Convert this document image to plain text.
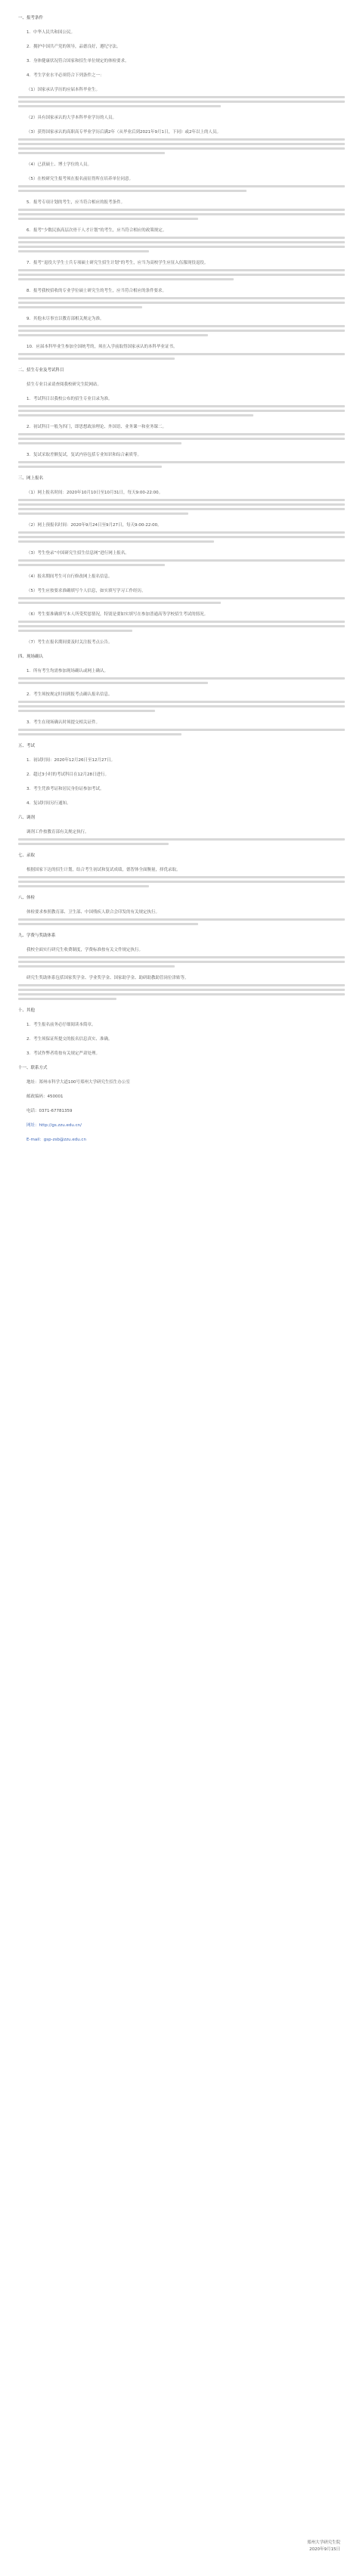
一、报考条件
1．中华人民共和国公民。
2．拥护中国共产党的领导，品德良好，遵纪守法。
3．身体健康状况符合国家和招生单位规定的体检要求。
4．考生学业水平必须符合下列条件之一：
（1）国家承认学历的应届本科毕业生。
（2）具有国家承认的大学本科毕业学历的人员。
（3）获得国家承认的高职高专毕业学历后满2年（从毕业后到2021年9月1日，下同）或2年以上的人员。
（4）已获硕士、博士学位的人员。
（5）在校研究生报考须在报名前征得所在培养单位同意。
5．报考专项计划的考生，应当符合相应的报考条件。
6．报考“少数民族高层次骨干人才计划”的考生，应当符合相应的政策规定。
7．报考“退役大学生士兵专项硕士研究生招生计划”的考生，应当为高校学生应征入伍服现役退役。
8．报考我校招收的专业学位硕士研究生的考生，应当符合相应的条件要求。
9．其他未尽事宜以教育部相关规定为准。
10．应届本科毕业生参加全国统考的，须在入学前取得国家承认的本科毕业证书。
二、招生专业及考试科目
招生专业目录请查阅我校研究生院网站。
1．考试科目以我校公布的招生专业目录为准。
2．初试科目一般为四门，即思想政治理论、外国语、业务课一和业务课二。
3．复试采取差额复试，复试内容包括专业知识和综合素质等。
三、网上报名
（1）网上报名时间：2020年10月10日至10月31日，每天9:00-22:00。
（2）网上预报名时间：2020年9月24日至9月27日，每天9:00-22:00。
（3）考生登录“中国研究生招生信息网”进行网上报名。
（4）报名期间考生可自行修改网上报名信息。
（5）考生应按要求准确填写个人信息，如实填写学习工作经历。
（6）考生要准确填写本人所受奖惩情况，特别是要如实填写在参加普通高等学校招生考试的情况。
（7）考生在报名期间要及时关注报考点公告。
四、现场确认
1．所有考生均需参加现场确认或网上确认。
2．考生须按规定时间到报考点确认报名信息。
3．考生在现场确认时须提交相关证件。
五、考试
1．初试时间：2020年12月26日至12月27日。
2．超过3小时的考试科目在12月28日进行。
3．考生凭准考证和居民身份证参加考试。
4．复试时间另行通知。
六、调剂
调剂工作按教育部有关规定执行。
七、录取
根据国家下达的招生计划，结合考生初试和复试成绩，德智体全面衡量，择优录取。
八、体检
体检要求参照教育部、卫生部、中国残疾人联合会印发的有关规定执行。
九、学费与奖助体系
我校全面实行研究生收费制度，学费标准按有关文件规定执行。
研究生奖助体系包括国家奖学金、学业奖学金、国家助学金、助研助教助管岗位津贴等。
十、其他
1．考生报名前务必仔细阅读本简章。
2．考生须保证所提交的报名信息真实、准确。
3．考试作弊者将按有关规定严肃处理。
十一、联系方式
地址：郑州市科学大道100号郑州大学研究生招生办公室
邮政编码：450001
电话：0371-67781359
网址：http://gs.zzu.edu.cn/
E-mail：gsp-zsb@zzu.edu.cn
郑州大学研究生院
2020年9月15日
